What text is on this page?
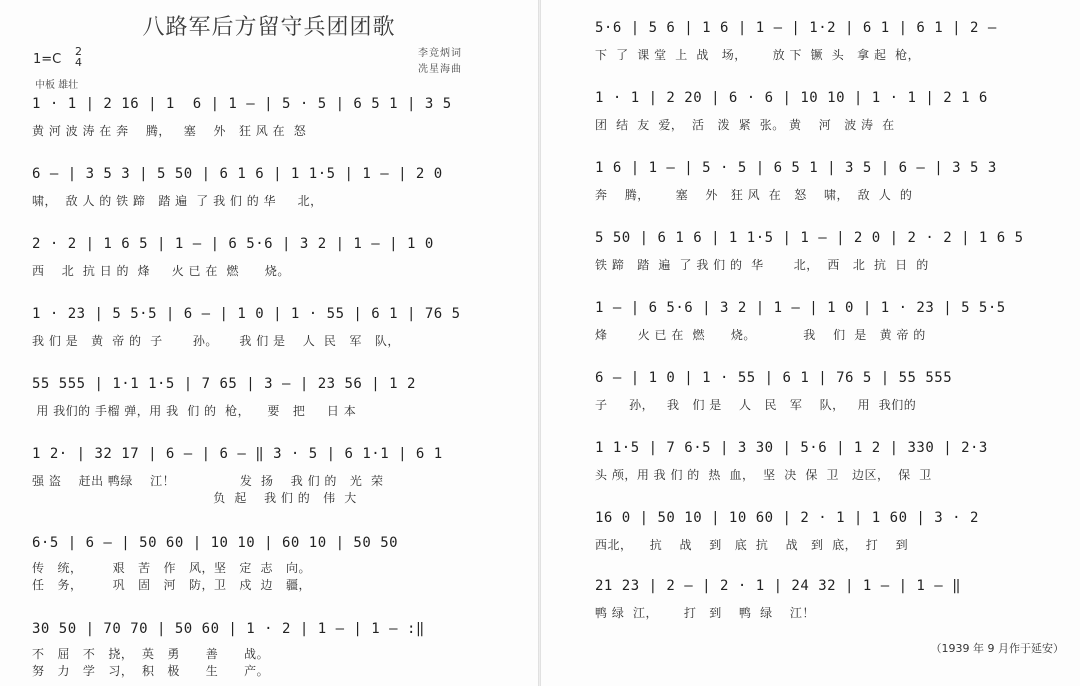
八路军后方留守兵团团歌
1=C
2
4
中板 雄壮
李竞炳词
冼星海曲
1 · 1 | 2 16 | 1  6 | 1 — | 5 · 5 | 6 5 1 | 3 5
黄 河 波 涛 在 奔    腾，   塞    外   狂 风 在  怒
6 — | 3 5 3 | 5 50 | 6 1 6 | 1 1·5 | 1 — | 2 0
啸，  敌 人 的 铁 蹄   踏 遍  了 我 们 的 华     北，
2 · 2 | 1 6 5 | 1 — | 6 5·6 | 3 2 | 1 — | 1 0
西    北  抗 日 的  烽     火 已 在  燃      烧。
1 · 23 | 5 5·5 | 6 — | 1 0 | 1 · 55 | 6 1 | 76 5
我 们 是   黄  帝 的  子       孙。     我 们 是    人  民   军   队，
55 555 | 1·1 1·5 | 7 65 | 3 — | 23 56 | 1 2
用 我们的 手榴 弹，用 我  们 的  枪，    要   把     日 本
1 2· | 32 17 | 6 — | 6 — ‖ 3 · 5 | 6 1·1 | 6 1
强 盗    赶出 鸭绿    江！               发  扬    我 们 的   光  荣
负  起    我 们 的   伟  大
6·5 | 6 — | 50 60 | 10 10 | 60 10 | 50 50
传   统，       艰   苦   作   风，坚   定  志   向。
任   务，       巩   固   河   防，卫   戍  边   疆，
30 50 | 70 70 | 50 60 | 1 · 2 | 1 — | 1 — :‖
不   屈   不   挠，  英   勇      善      战。
努   力   学   习，  积   极      生      产。
5·6 | 5 6 | 1 6 | 1 — | 1·2 | 6 1 | 6 1 | 2 —
下  了  课 堂  上  战   场，      放 下  镢  头   拿 起  枪，
1 · 1 | 2 20 | 6 · 6 | 10 10 | 1 · 1 | 2 1 6
团  结  友  爱，  活   泼  紧  张。 黄    河   波 涛  在
1 6 | 1 — | 5 · 5 | 6 5 1 | 3 5 | 6 — | 3 5 3
奔    腾，      塞    外   狂 风  在   怒    啸，  敌  人  的
5 50 | 6 1 6 | 1 1·5 | 1 — | 2 0 | 2 · 2 | 1 6 5
铁 蹄   踏  遍  了 我 们 的  华       北，  西   北  抗  日  的
1 — | 6 5·6 | 3 2 | 1 — | 1 0 | 1 · 23 | 5 5·5
烽       火 已 在  燃      烧。           我    们  是   黄 帝 的
6 — | 1 0 | 1 · 55 | 6 1 | 76 5 | 55 555
子     孙，   我   们 是    人   民   军    队，   用  我们的
1 1·5 | 7 6·5 | 3 30 | 5·6 | 1 2 | 330 | 2·3
头 颅，用 我 们 的  热  血，  坚  决  保  卫   边区，  保  卫
16 0 | 50 10 | 10 60 | 2 · 1 | 1 60 | 3 · 2
西北，    抗    战    到   底  抗    战   到  底，  打    到
21 23 | 2 — | 2 · 1 | 24 32 | 1 — | 1 — ‖
鸭 绿  江，      打   到    鸭  绿    江！
（1939 年 9 月作于延安）
